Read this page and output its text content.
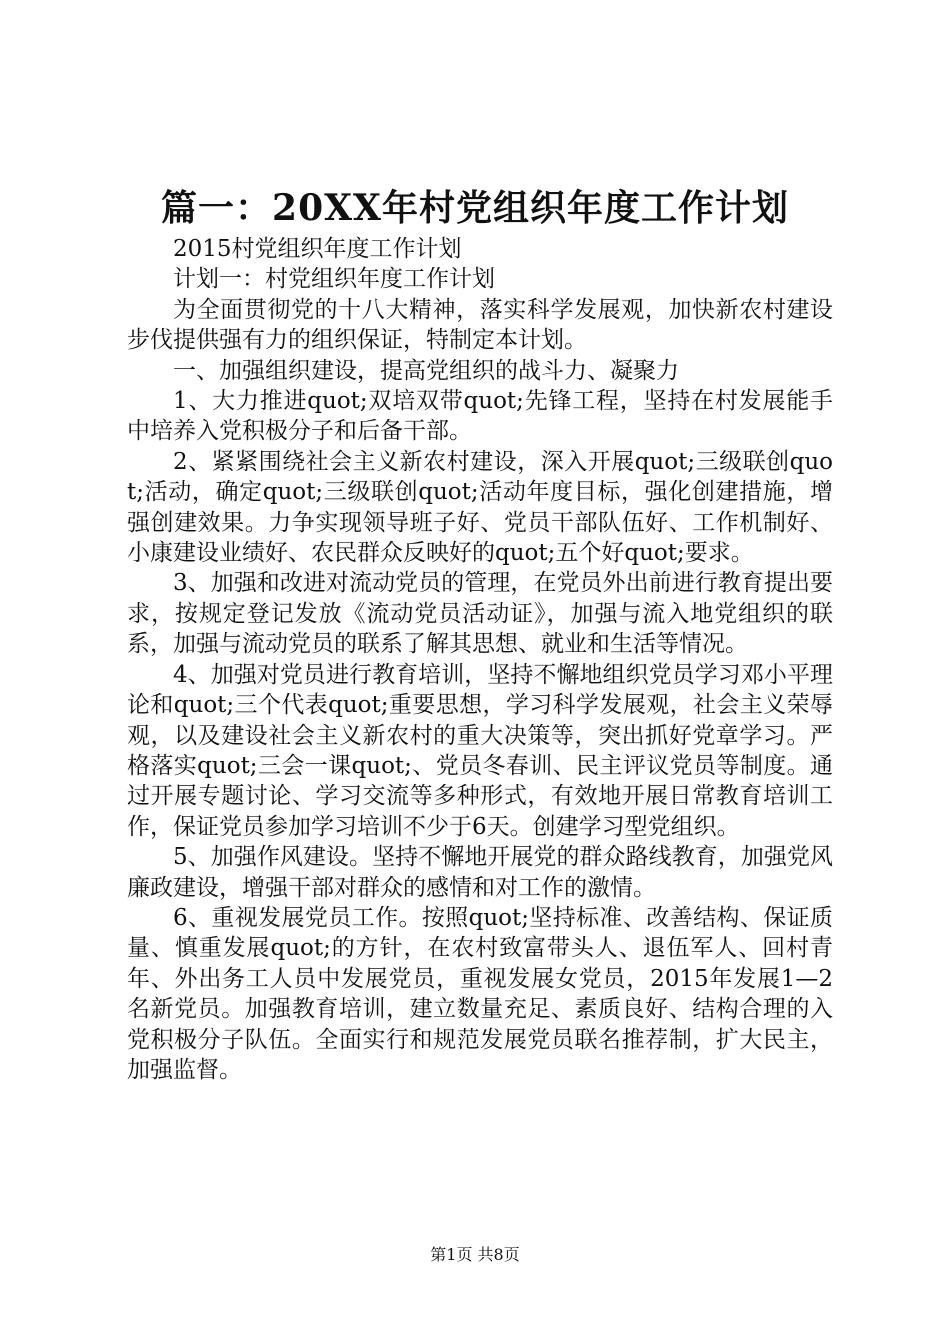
篇一：20XX年村党组织年度工作计划

2015村党组织年度工作计划

计划一：村党组织年度工作计划

为全面贯彻党的十八大精神，落实科学发展观，加快新农村建设步伐提供强有力的组织保证，特制定本计划。

一、加强组织建设，提高党组织的战斗力、凝聚力

1、大力推进quot;双培双带quot;先锋工程，坚持在村发展能手中培养入党积极分子和后备干部。

2、紧紧围绕社会主义新农村建设，深入开展quot;三级联创quot;活动，确定quot;三级联创quot;活动年度目标，强化创建措施，增强创建效果。力争实现领导班子好、党员干部队伍好、工作机制好、小康建设业绩好、农民群众反映好的quot;五个好quot;要求。

3、加强和改进对流动党员的管理，在党员外出前进行教育提出要求，按规定登记发放《流动党员活动证》，加强与流入地党组织的联系，加强与流动党员的联系了解其思想、就业和生活等情况。

4、加强对党员进行教育培训，坚持不懈地组织党员学习邓小平理论和quot;三个代表quot;重要思想，学习科学发展观，社会主义荣辱观，以及建设社会主义新农村的重大决策等，突出抓好党章学习。严格落实quot;三会一课quot;、党员冬春训、民主评议党员等制度。通过开展专题讨论、学习交流等多种形式，有效地开展日常教育培训工作，保证党员参加学习培训不少于6天。创建学习型党组织。

5、加强作风建设。坚持不懈地开展党的群众路线教育，加强党风廉政建设，增强干部对群众的感情和对工作的激情。

6、重视发展党员工作。按照quot;坚持标准、改善结构、保证质量、慎重发展quot;的方针，在农村致富带头人、退伍军人、回村青年、外出务工人员中发展党员，重视发展女党员，2015年发展1—2名新党员。加强教育培训，建立数量充足、素质良好、结构合理的入党积极分子队伍。全面实行和规范发展党员联名推荐制，扩大民主，加强监督。

第1页 共8页
